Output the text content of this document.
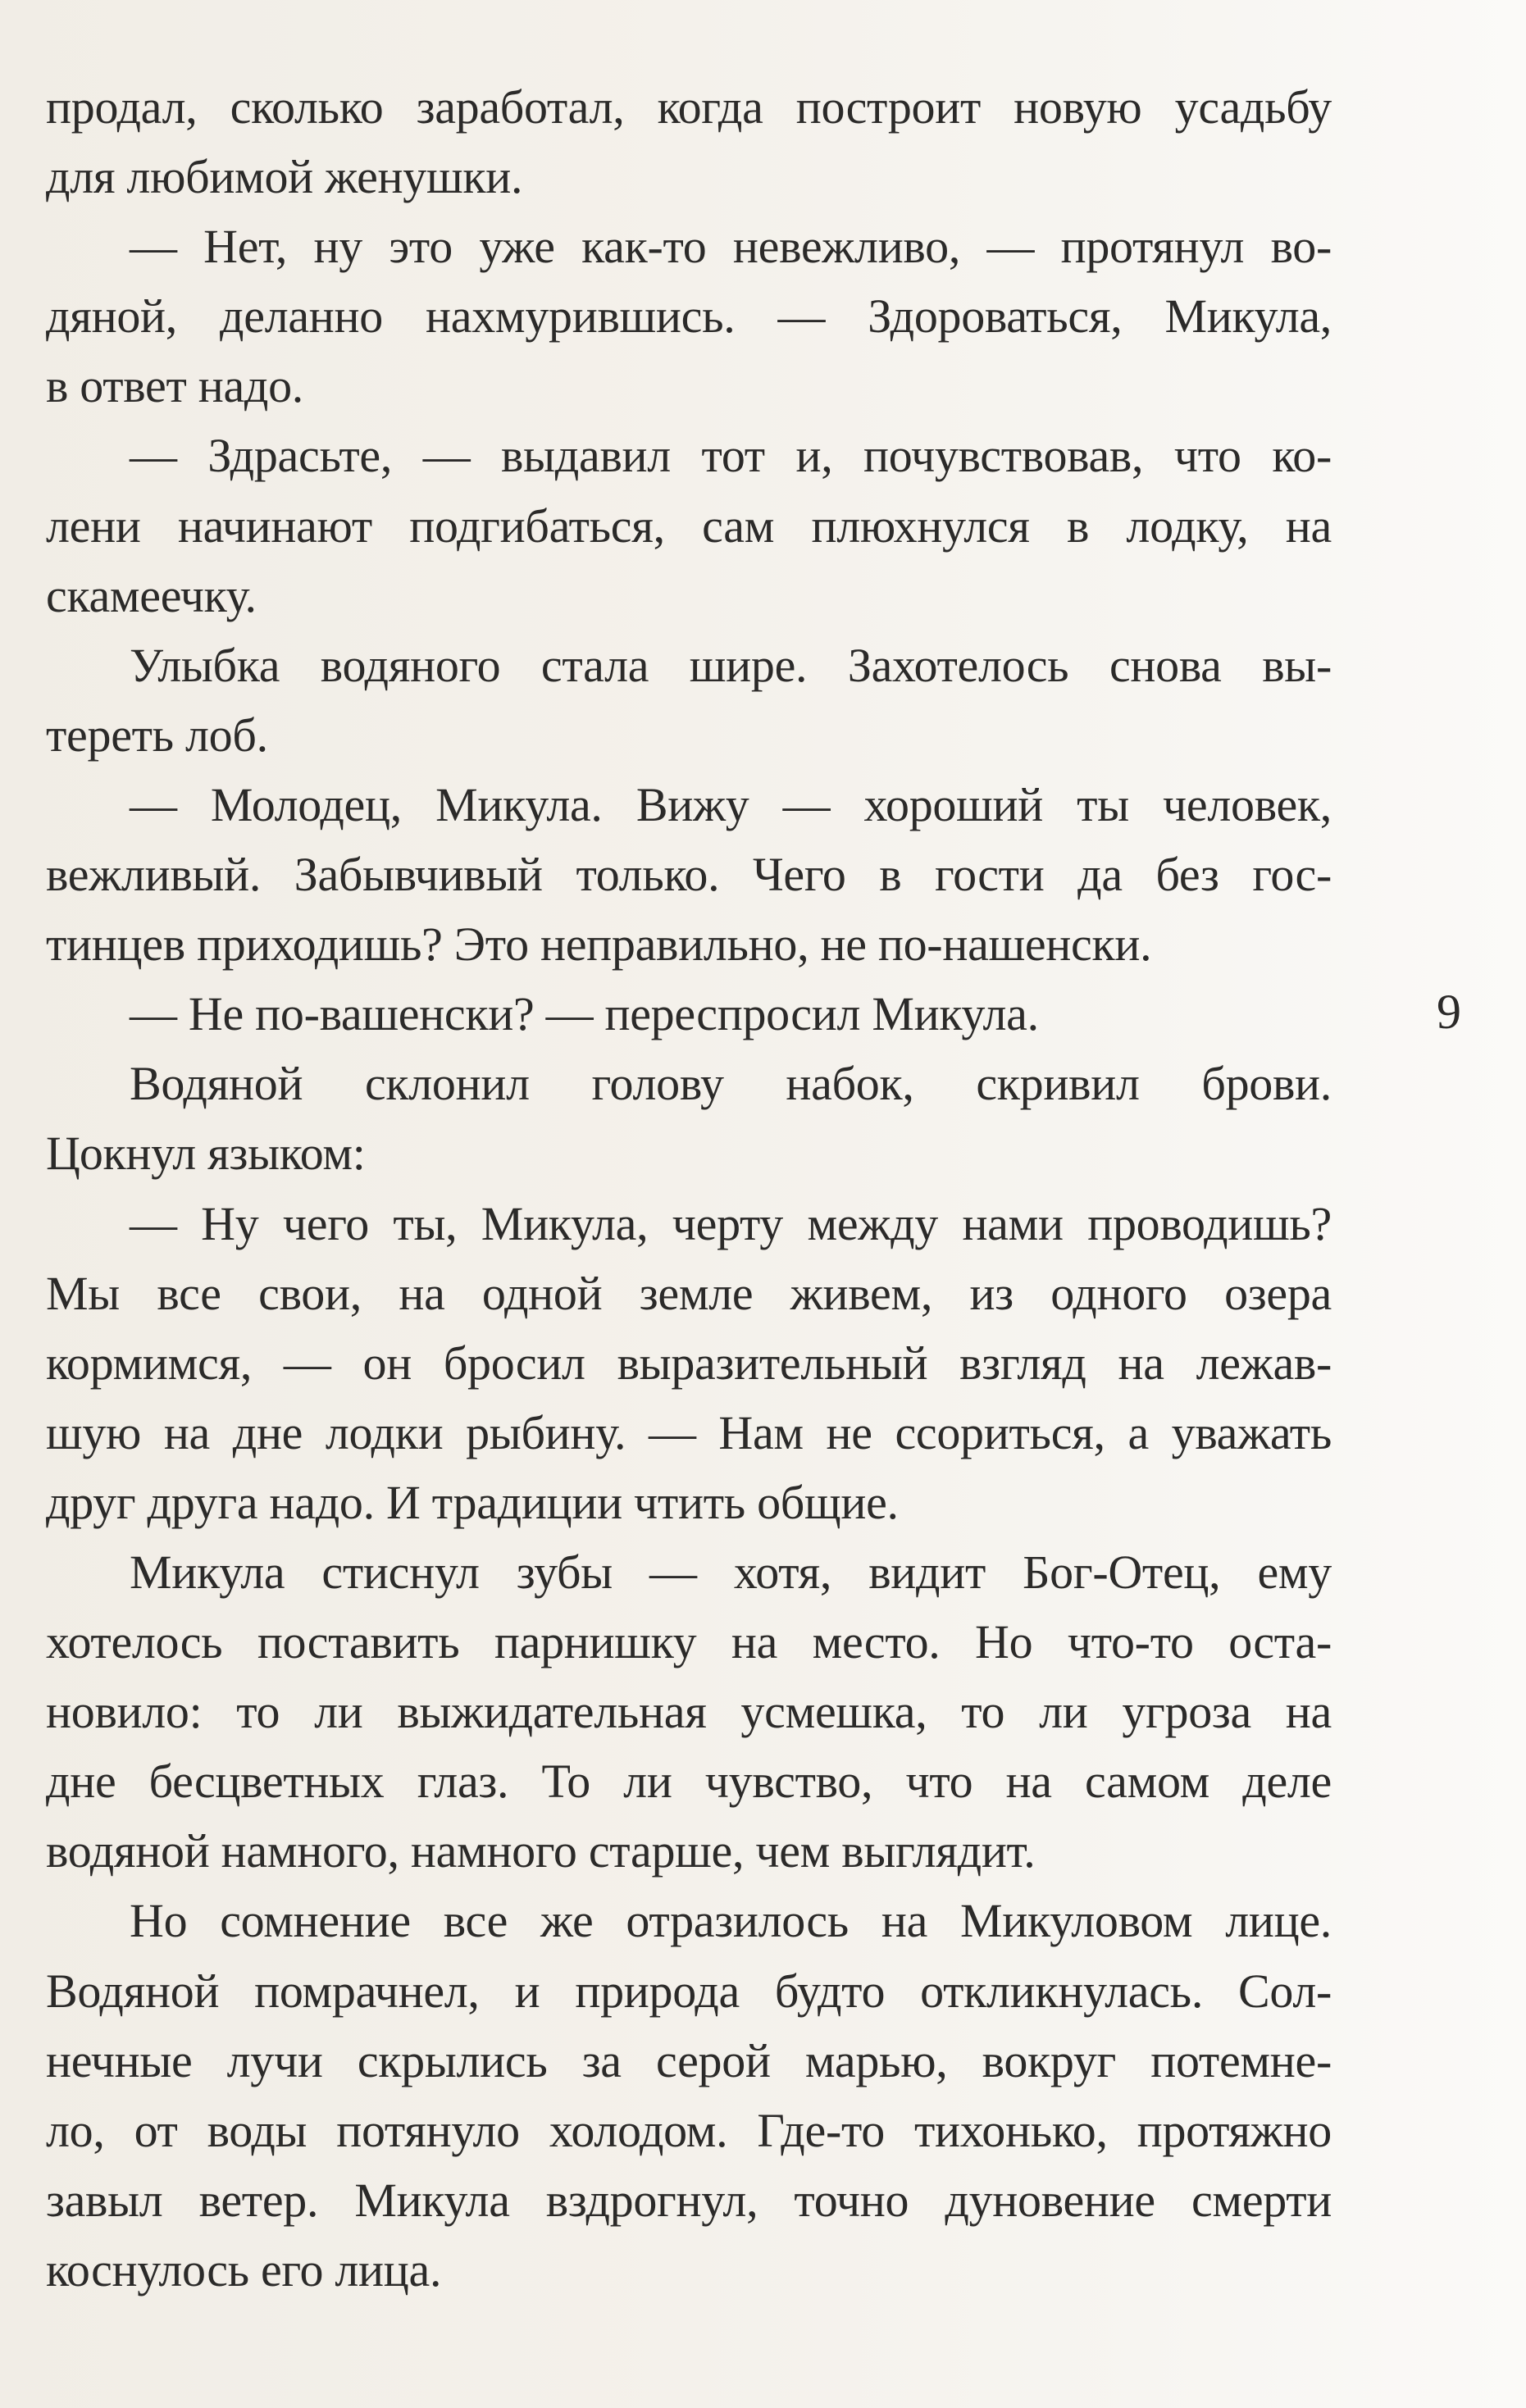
продал, сколько заработал, когда построит новую усадьбу
для любимой женушки.
— Нет, ну это уже как-то невежливо, — протянул во-
дяной, деланно нахмурившись. — Здороваться, Микула,
в ответ надо.
— Здрасьте, — выдавил тот и, почувствовав, что ко-
лени начинают подгибаться, сам плюхнулся в лодку, на
скамеечку.
Улыбка водяного стала шире. Захотелось снова вы-
тереть лоб.
— Молодец, Микула. Вижу — хороший ты человек,
вежливый. Забывчивый только. Чего в гости да без гос-
тинцев приходишь? Это неправильно, не по-нашенски.
— Не по-вашенски? — переспросил Микула.
Водяной склонил голову набок, скривил брови.
Цокнул языком:
— Ну чего ты, Микула, черту между нами проводишь?
Мы все свои, на одной земле живем, из одного озера
кормимся, — он бросил выразительный взгляд на лежав-
шую на дне лодки рыбину. — Нам не ссориться, а уважать
друг друга надо. И традиции чтить общие.
Микула стиснул зубы — хотя, видит Бог-Отец, ему
хотелось поставить парнишку на место. Но что-то оста-
новило: то ли выжидательная усмешка, то ли угроза на
дне бесцветных глаз. То ли чувство, что на самом деле
водяной намного, намного старше, чем выглядит.
Но сомнение все же отразилось на Микуловом лице.
Водяной помрачнел, и природа будто откликнулась. Сол-
нечные лучи скрылись за серой марью, вокруг потемне-
ло, от воды потянуло холодом. Где-то тихонько, протяжно
завыл ветер. Микула вздрогнул, точно дуновение смерти
коснулось его лица.
9
